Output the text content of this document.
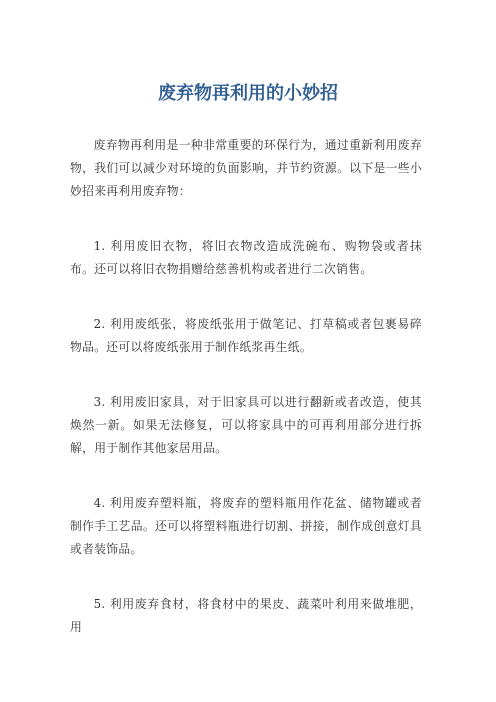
废弃物再利用的小妙招

废弃物再利用是一种非常重要的环保行为，通过重新利用废弃物，我们可以减少对环境的负面影响，并节约资源。以下是一些小妙招来再利用废弃物：

1. 利用废旧衣物，将旧衣物改造成洗碗布、购物袋或者抹布。还可以将旧衣物捐赠给慈善机构或者进行二次销售。

2. 利用废纸张，将废纸张用于做笔记、打草稿或者包裹易碎物品。还可以将废纸张用于制作纸浆再生纸。

3. 利用废旧家具，对于旧家具可以进行翻新或者改造，使其焕然一新。如果无法修复，可以将家具中的可再利用部分进行拆解，用于制作其他家居用品。

4. 利用废弃塑料瓶，将废弃的塑料瓶用作花盆、储物罐或者制作手工艺品。还可以将塑料瓶进行切割、拼接，制作成创意灯具或者装饰品。

5. 利用废弃食材，将食材中的果皮、蔬菜叶利用来做堆肥，用
